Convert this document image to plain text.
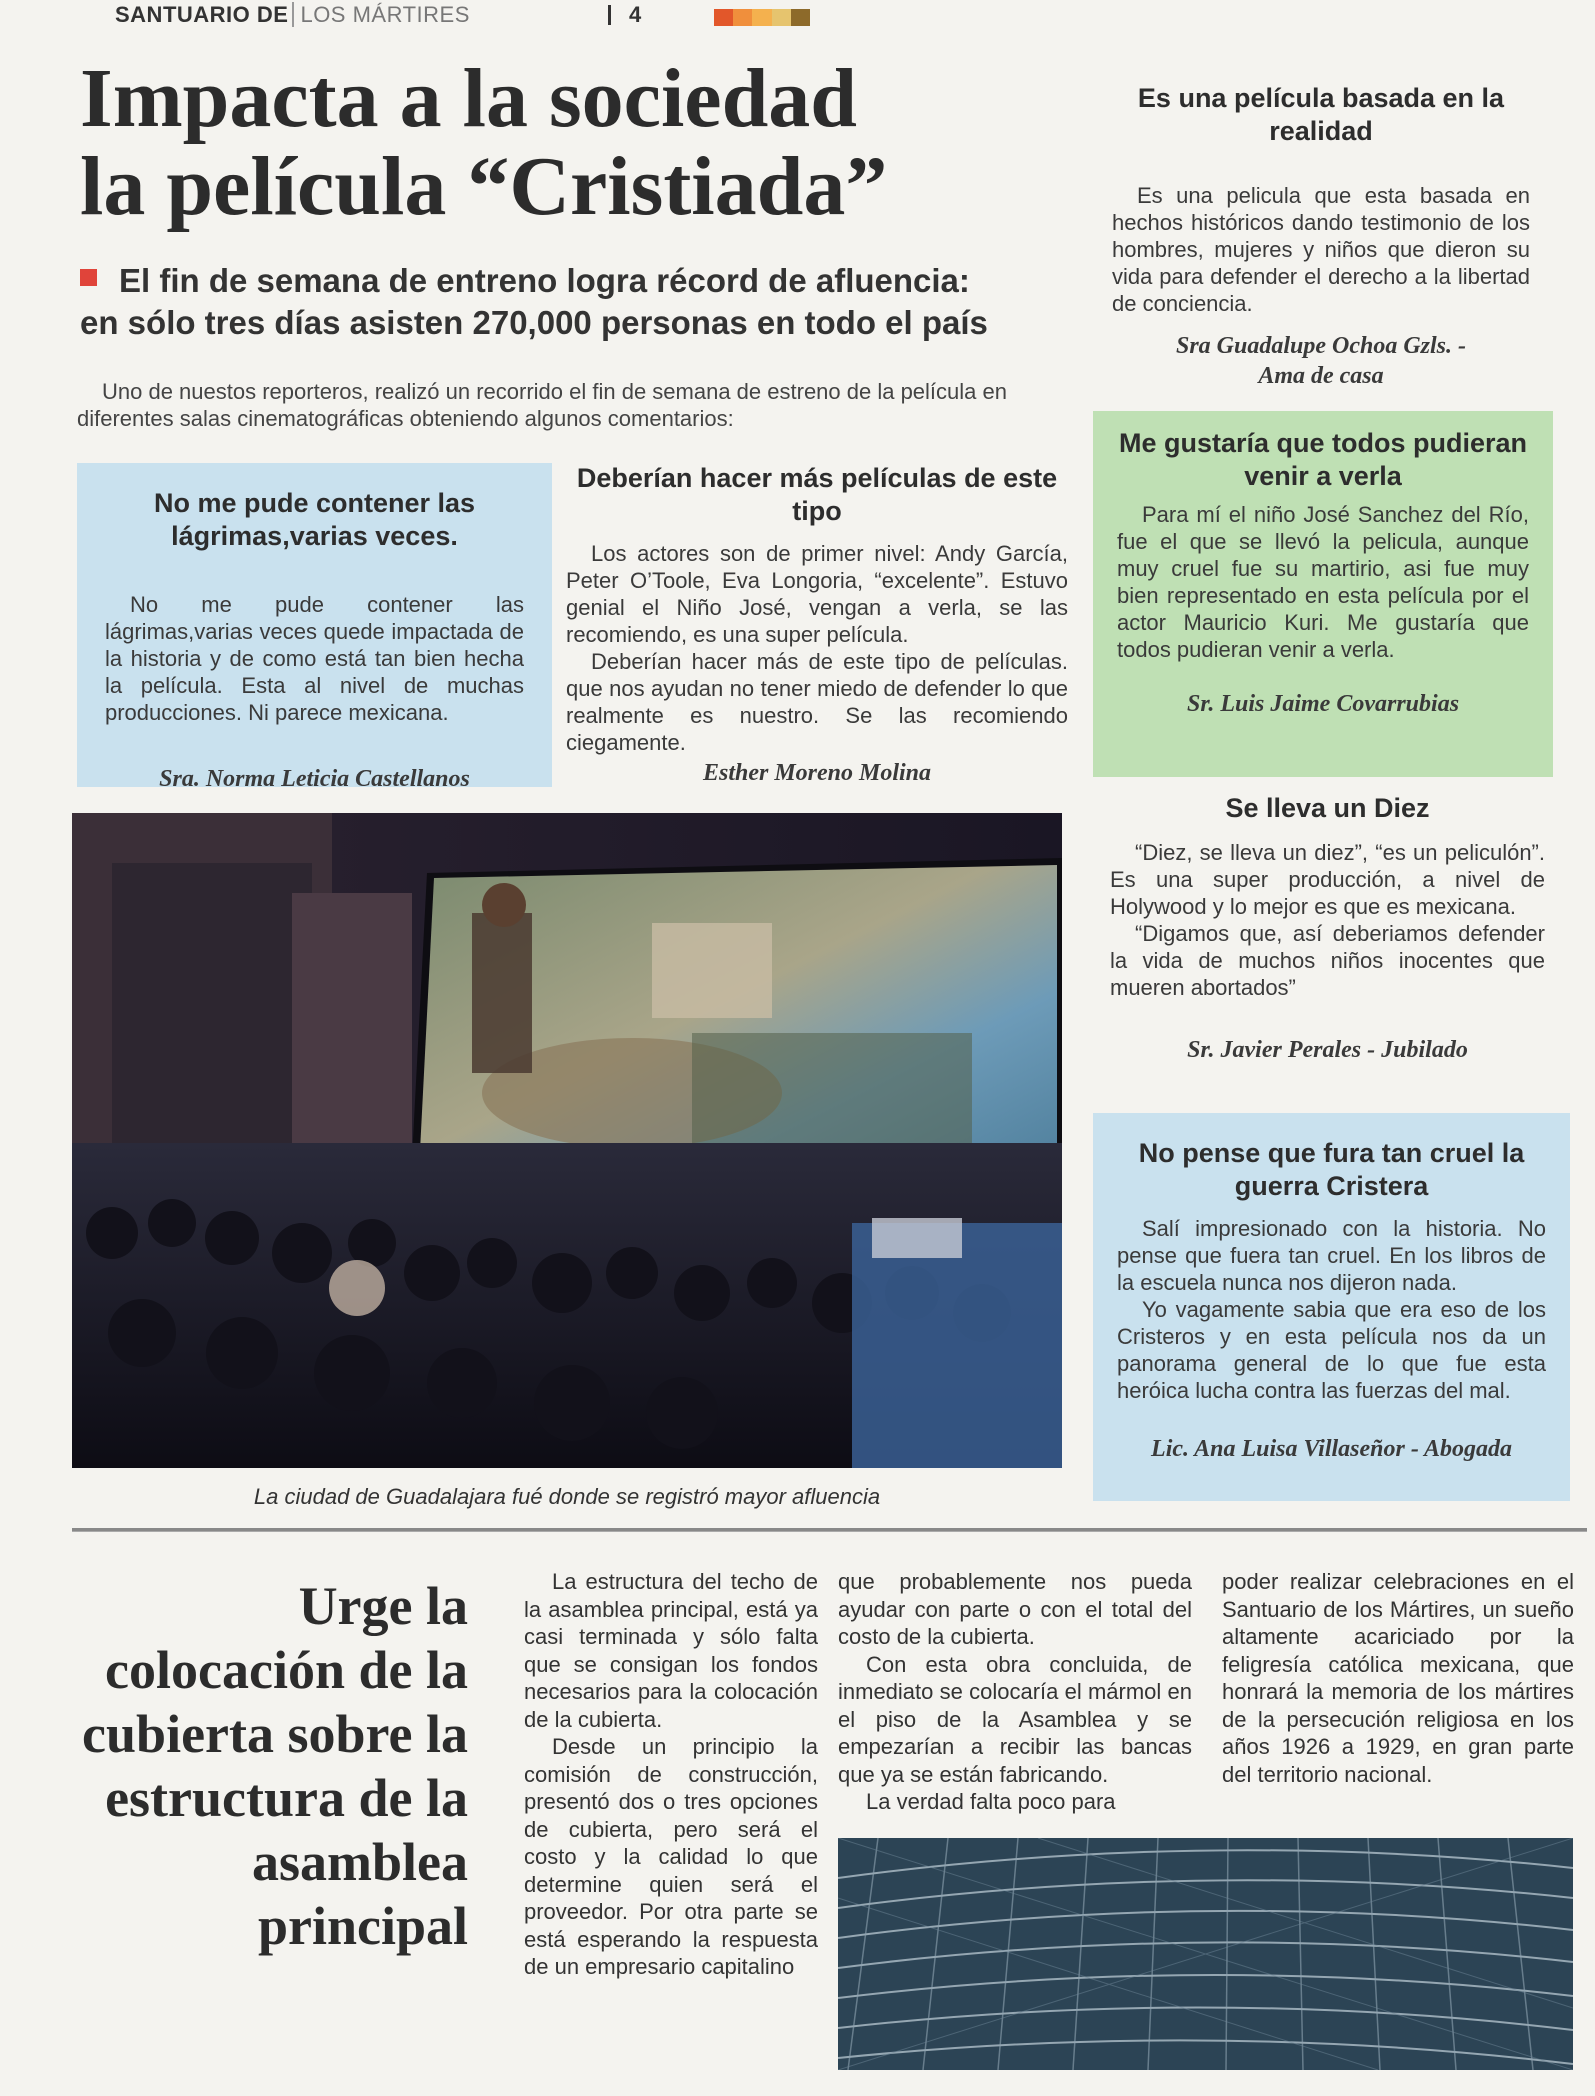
SANTUARIO DE LOS MÁRTIRES	4
Impacta a la sociedad
la película “Cristiada”
El fin de semana de entreno logra récord de afluencia:
en sólo tres días asisten 270,000 personas en todo el país

Uno de nuestos reporteros, realizó un recorrido el fin de semana de estreno de la película en diferentes salas cinematográficas obteniendo algunos comentarios:

No me pude contener las lágrimas,varias veces.

No me pude contener las lágrimas,varias veces quede impactada de la historia y de como está tan bien hecha la película. Esta al nivel de muchas producciones. Ni parece mexicana.

Sra. Norma Leticia Castellanos
Deberían hacer más películas de este tipo

Los actores son de primer nivel: Andy García, Peter O’Toole, Eva Longoria, “excelente”. Estuvo genial el Niño José, vengan a verla, se las recomiendo, es una super película.

Deberían hacer más de este tipo de películas. que nos ayudan no tener miedo de defender lo que realmente es nuestro. Se las recomiendo ciegamente.

Esther Moreno Molina
Es una película basada en la realidad

Es una pelicula que esta basada en hechos históricos dando testimonio de los hombres, mujeres y niños que dieron su vida para defender el derecho a la libertad de conciencia.

Sra Guadalupe Ochoa Gzls. -
Ama de casa
Me gustaría que todos pudieran venir a verla

Para mí el niño José Sanchez del Río, fue el que se llevó la pelicula, aunque muy cruel fue su martirio, asi fue muy bien representado en esta película por el actor Mauricio Kuri. Me gustaría que todos pudieran venir a verla.

Sr. Luis Jaime Covarrubias
Se lleva un Diez

“Diez, se lleva un diez”, “es un peliculón”. Es una super producción, a nivel de Holywood y lo mejor es que es mexicana.

“Digamos que, así deberiamos defender la vida de muchos niños inocentes que mueren abortados”

Sr. Javier Perales - Jubilado
No pense que fura tan cruel la guerra Cristera

Salí impresionado con la historia. No pense que fuera tan cruel. En los libros de la escuela nunca nos dijeron nada.

Yo vagamente sabia que era eso de los Cristeros y en esta película nos da un panorama general de lo que fue esta heróica lucha contra las fuerzas del mal.

Lic. Ana Luisa Villaseñor - Abogada
La ciudad de Guadalajara fué donde se registró mayor afluencia
Urge la colocación de la cubierta sobre la estructura de la asamblea principal

La estructura del techo de la asamblea principal, está ya casi terminada y sólo falta que se consigan los fondos necesarios para la colocación de la cubierta.

Desde un principio la comisión de construcción, presentó dos o tres opciones de cubierta, pero será el costo y la calidad lo que determine quien será el proveedor. Por otra parte se está esperando la respuesta de un empresario capitalino

que probablemente nos pueda ayudar con parte o con el total del costo de la cubierta.

Con esta obra concluida, de inmediato se colocaría el mármol en el piso de la Asamblea y se empezarían a recibir las bancas que ya se están fabricando.

La verdad falta poco para

poder realizar celebraciones en el Santuario de los Mártires, un sueño altamente acariciado por la feligresía católica mexicana, que honrará la memoria de los mártires de la persecución religiosa en los años 1926 a 1929, en gran parte del territorio nacional.
